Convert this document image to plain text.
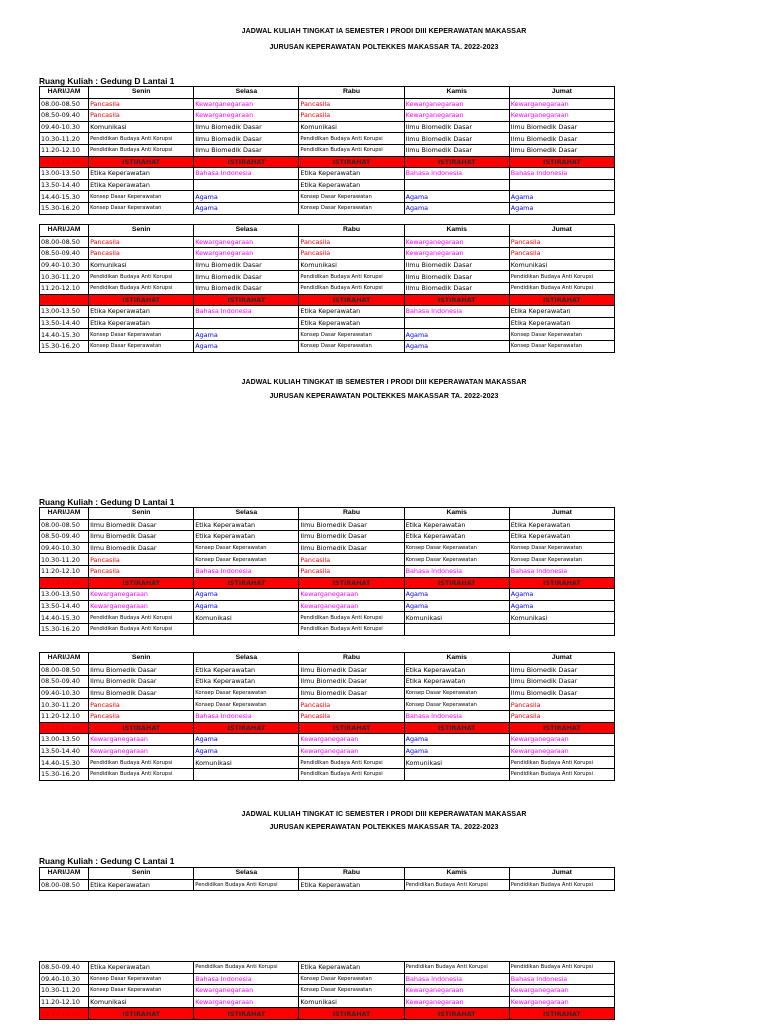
JADWAL KULIAH TINGKAT IA SEMESTER I PRODI DIII KEPERAWATAN MAKASSAR
JURUSAN KEPERAWATAN POLTEKKES MAKASSAR TA. 2022-2023
Ruang Kuliah : Gedung D Lantai 1
HARI/JAM	Senin	Selasa	Rabu	Kamis	Jumat
08.00-08.50	Pancasila	Kewarganegaraan	Pancasila	Kewarganegaraan	Kewarganegaraan
08.50-09.40	Pancasila	Kewarganegaraan	Pancasila	Kewarganegaraan	Kewarganegaraan
09.40-10.30	Komunikasi	Ilmu Biomedik Dasar	Komunikasi	Ilmu Biomedik Dasar	Ilmu Biomedik Dasar
10.30-11.20	Pendidikan Budaya Anti Korupsi	Ilmu Biomedik Dasar	Pendidikan Budaya Anti Korupsi	Ilmu Biomedik Dasar	Ilmu Biomedik Dasar
11.20-12.10	Pendidikan Budaya Anti Korupsi	Ilmu Biomedik Dasar	Pendidikan Budaya Anti Korupsi	Ilmu Biomedik Dasar	Ilmu Biomedik Dasar
12.10-13.00	ISTIRAHAT	ISTIRAHAT	ISTIRAHAT	ISTIRAHAT	ISTIRAHAT
13.00-13.50	Etika Keperawatan	Bahasa Indonesia	Etika Keperawatan	Bahasa Indonesia	Bahasa Indonesia
13.50-14.40	Etika Keperawatan		Etika Keperawatan		
14.40-15.30	Konsep Dasar Keperawatan	Agama	Konsep Dasar Keperawatan	Agama	Agama
15.30-16.20	Konsep Dasar Keperawatan	Agama	Konsep Dasar Keperawatan	Agama	Agama
HARI/JAM	Senin	Selasa	Rabu	Kamis	Jumat
08.00-08.50	Pancasila	Kewarganegaraan	Pancasila	Kewarganegaraan	Pancasila
08.50-09.40	Pancasila	Kewarganegaraan	Pancasila	Kewarganegaraan	Pancasila
09.40-10.30	Komunikasi	Ilmu Biomedik Dasar	Komunikasi	Ilmu Biomedik Dasar	Komunikasi
10.30-11.20	Pendidikan Budaya Anti Korupsi	Ilmu Biomedik Dasar	Pendidikan Budaya Anti Korupsi	Ilmu Biomedik Dasar	Pendidikan Budaya Anti Korupsi
11.20-12.10	Pendidikan Budaya Anti Korupsi	Ilmu Biomedik Dasar	Pendidikan Budaya Anti Korupsi	Ilmu Biomedik Dasar	Pendidikan Budaya Anti Korupsi
12.10-13.00	ISTIRAHAT	ISTIRAHAT	ISTIRAHAT	ISTIRAHAT	ISTIRAHAT
13.00-13.50	Etika Keperawatan	Bahasa Indonesia	Etika Keperawatan	Bahasa Indonesia	Etika Keperawatan
13.50-14.40	Etika Keperawatan		Etika Keperawatan		Etika Keperawatan
14.40-15.30	Konsep Dasar Keperawatan	Agama	Konsep Dasar Keperawatan	Agama	Konsep Dasar Keperawatan
15.30-16.20	Konsep Dasar Keperawatan	Agama	Konsep Dasar Keperawatan	Agama	Konsep Dasar Keperawatan
JADWAL KULIAH TINGKAT IB SEMESTER I PRODI DIII KEPERAWATAN MAKASSAR
JURUSAN KEPERAWATAN POLTEKKES MAKASSAR TA. 2022-2023
Ruang Kuliah : Gedung D Lantai 1
HARI/JAM	Senin	Selasa	Rabu	Kamis	Jumat
08.00-08.50	Ilmu Biomedik Dasar	Etika Keperawatan	Ilmu Biomedik Dasar	Etika Keperawatan	Etika Keperawatan
08.50-09.40	Ilmu Biomedik Dasar	Etika Keperawatan	Ilmu Biomedik Dasar	Etika Keperawatan	Etika Keperawatan
09.40-10.30	Ilmu Biomedik Dasar	Konsep Dasar Keperawatan	Ilmu Biomedik Dasar	Konsep Dasar Keperawatan	Konsep Dasar Keperawatan
10.30-11.20	Pancasila	Konsep Dasar Keperawatan	Pancasila	Konsep Dasar Keperawatan	Konsep Dasar Keperawatan
11.20-12.10	Pancasila	Bahasa Indonesia	Pancasila	Bahasa Indonesia	Bahasa Indonesia
12.10-13.00	ISTIRAHAT	ISTIRAHAT	ISTIRAHAT	ISTIRAHAT	ISTIRAHAT
13.00-13.50	Kewarganegaraan	Agama	Kewarganegaraan	Agama	Agama
13.50-14.40	Kewarganegaraan	Agama	Kewarganegaraan	Agama	Agama
14.40-15.30	Pendidikan Budaya Anti Korupsi	Komunikasi	Pendidikan Budaya Anti Korupsi	Komunikasi	Komunikasi
15.30-16.20	Pendidikan Budaya Anti Korupsi		Pendidikan Budaya Anti Korupsi		
HARI/JAM	Senin	Selasa	Rabu	Kamis	Jumat
08.00-08.50	Ilmu Biomedik Dasar	Etika Keperawatan	Ilmu Biomedik Dasar	Etika Keperawatan	Ilmu Biomedik Dasar
08.50-09.40	Ilmu Biomedik Dasar	Etika Keperawatan	Ilmu Biomedik Dasar	Etika Keperawatan	Ilmu Biomedik Dasar
09.40-10.30	Ilmu Biomedik Dasar	Konsep Dasar Keperawatan	Ilmu Biomedik Dasar	Konsep Dasar Keperawatan	Ilmu Biomedik Dasar
10.30-11.20	Pancasila	Konsep Dasar Keperawatan	Pancasila	Konsep Dasar Keperawatan	Pancasila
11.20-12.10	Pancasila	Bahasa Indonesia	Pancasila	Bahasa Indonesia	Pancasila
12.10-13.00	ISTIRAHAT	ISTIRAHAT	ISTIRAHAT	ISTIRAHAT	ISTIRAHAT
13.00-13.50	Kewarganegaraan	Agama	Kewarganegaraan	Agama	Kewarganegaraan
13.50-14.40	Kewarganegaraan	Agama	Kewarganegaraan	Agama	Kewarganegaraan
14.40-15.30	Pendidikan Budaya Anti Korupsi	Komunikasi	Pendidikan Budaya Anti Korupsi	Komunikasi	Pendidikan Budaya Anti Korupsi
15.30-16.20	Pendidikan Budaya Anti Korupsi		Pendidikan Budaya Anti Korupsi		Pendidikan Budaya Anti Korupsi
JADWAL KULIAH TINGKAT IC SEMESTER I PRODI DIII KEPERAWATAN MAKASSAR
JURUSAN KEPERAWATAN POLTEKKES MAKASSAR TA. 2022-2023
Ruang Kuliah : Gedung C Lantai 1
HARI/JAM	Senin	Selasa	Rabu	Kamis	Jumat
08.00-08.50	Etika Keperawatan	Pendidikan Budaya Anti Korupsi	Etika Keperawatan	Pendidikan Budaya Anti Korupsi	Pendidikan Budaya Anti Korupsi
08.50-09.40	Etika Keperawatan	Pendidikan Budaya Anti Korupsi	Etika Keperawatan	Pendidikan Budaya Anti Korupsi	Pendidikan Budaya Anti Korupsi
09.40-10.30	Konsep Dasar Keperawatan	Bahasa Indonesia	Konsep Dasar Keperawatan	Bahasa Indonesia	Bahasa Indonesia
10.30-11.20	Konsep Dasar Keperawatan	Kewarganegaraan	Konsep Dasar Keperawatan	Kewarganegaraan	Kewarganegaraan
11.20-12.10	Komunikasi	Kewarganegaraan	Komunikasi	Kewarganegaraan	Kewarganegaraan
12.10-13.00	ISTIRAHAT	ISTIRAHAT	ISTIRAHAT	ISTIRAHAT	ISTIRAHAT
